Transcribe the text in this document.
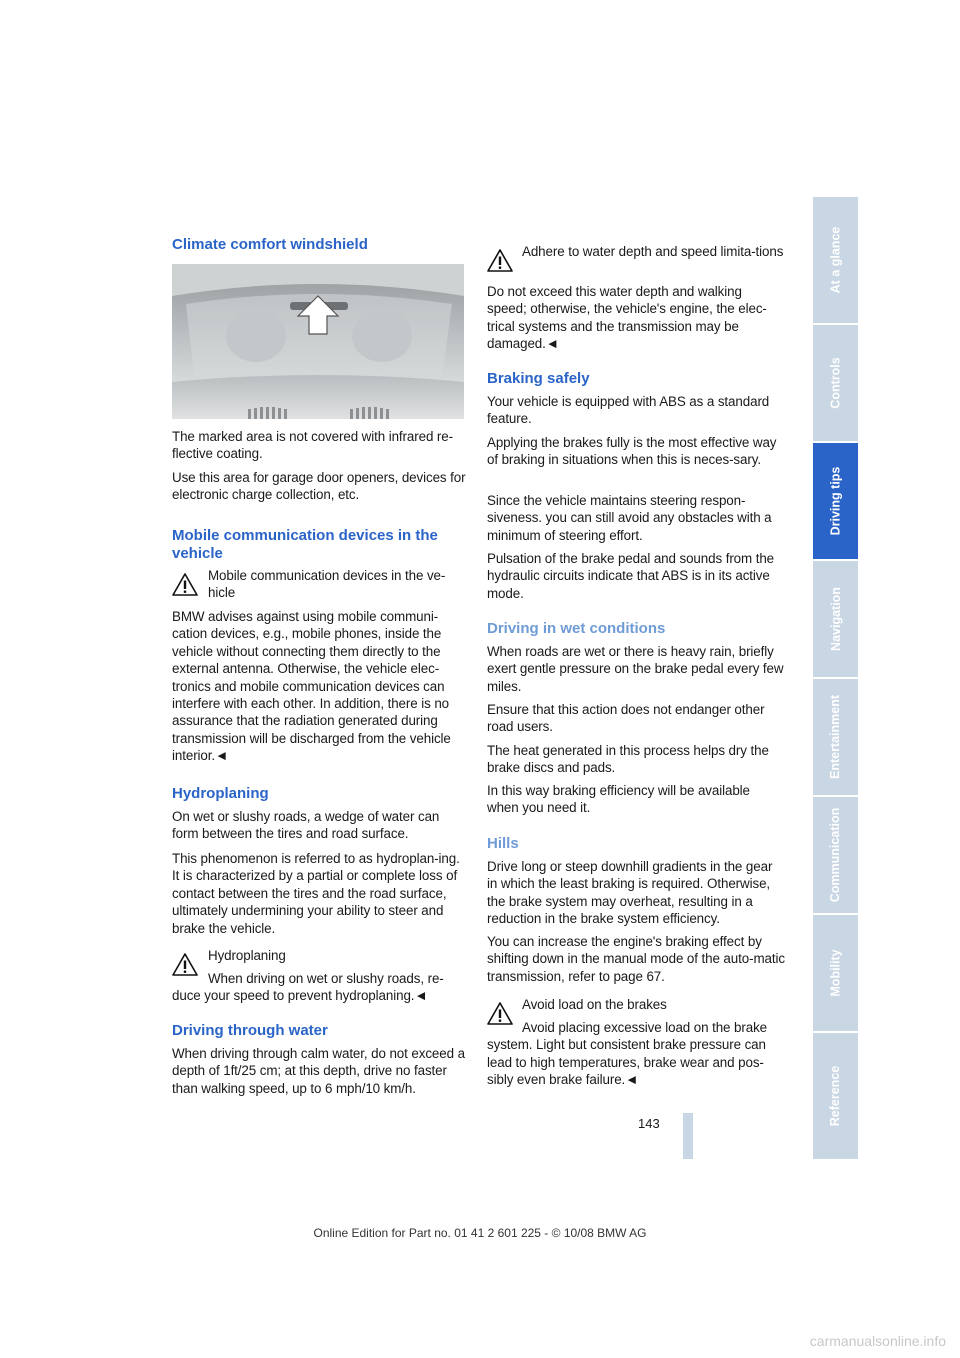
Climate comfort windshield

The marked area is not covered with infrared re-flective coating.

Use this area for garage door openers, devices for electronic charge collection, etc.

Mobile communication devices in the vehicle

Mobile communication devices in the ve-hicle

BMW advises against using mobile communi-cation devices, e.g., mobile phones, inside the vehicle without connecting them directly to the external antenna. Otherwise, the vehicle elec-tronics and mobile communication devices can interfere with each other. In addition, there is no assurance that the radiation generated during transmission will be discharged from the vehicle interior.◄

Hydroplaning

On wet or slushy roads, a wedge of water can form between the tires and road surface.

This phenomenon is referred to as hydroplan-ing. It is characterized by a partial or complete loss of contact between the tires and the road surface, ultimately undermining your ability to steer and brake the vehicle.

Hydroplaning

When driving on wet or slushy roads, re-duce your speed to prevent hydroplaning.◄

Driving through water

When driving through calm water, do not exceed a depth of 1ft/25 cm; at this depth, drive no faster than walking speed, up to 6 mph/10 km/h.

Adhere to water depth and speed limita-tions

Do not exceed this water depth and walking speed; otherwise, the vehicle's engine, the elec-trical systems and the transmission may be damaged.◄

Braking safely

Your vehicle is equipped with ABS as a standard feature.

Applying the brakes fully is the most effective way of braking in situations when this is neces-sary.

Since the vehicle maintains steering respon-siveness. you can still avoid any obstacles with a minimum of steering effort.

Pulsation of the brake pedal and sounds from the hydraulic circuits indicate that ABS is in its active mode.

Driving in wet conditions

When roads are wet or there is heavy rain, briefly exert gentle pressure on the brake pedal every few miles.

Ensure that this action does not endanger other road users.

The heat generated in this process helps dry the brake discs and pads.

In this way braking efficiency will be available when you need it.

Hills

Drive long or steep downhill gradients in the gear in which the least braking is required. Otherwise, the brake system may overheat, resulting in a reduction in the brake system efficiency.

You can increase the engine's braking effect by shifting down in the manual mode of the auto-matic transmission, refer to page 67.

Avoid load on the brakes

Avoid placing excessive load on the brake system. Light but consistent brake pressure can lead to high temperatures, brake wear and pos-sibly even brake failure.◄

At a glance
Controls
Driving tips
Navigation
Entertainment
Communication
Mobility
Reference
143
Online Edition for Part no. 01 41 2 601 225 - © 10/08 BMW AG
carmanualsonline.info
